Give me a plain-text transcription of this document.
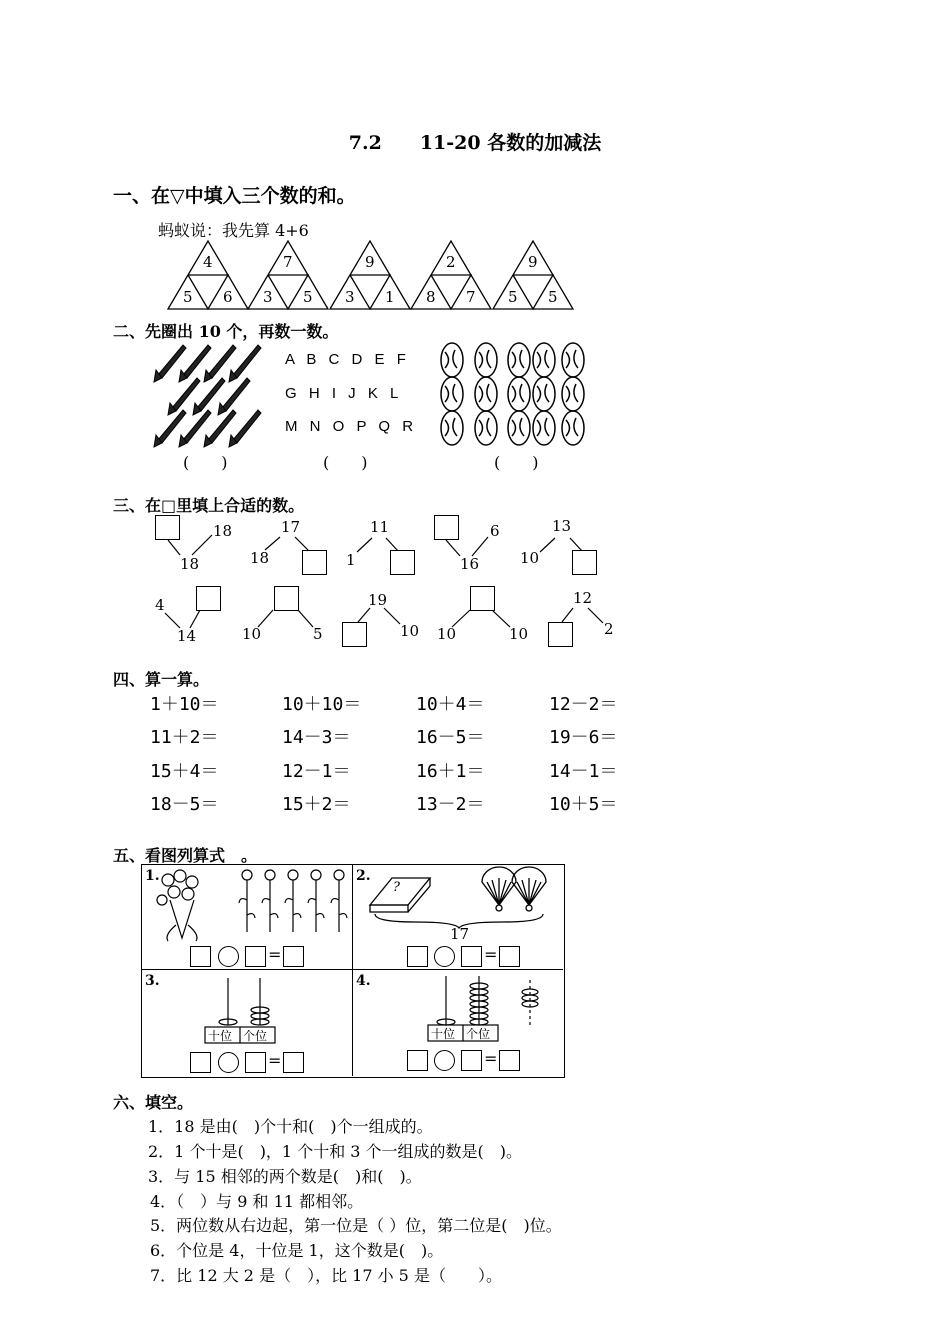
7.2　　11-20 各数的加减法
一、在▽中填入三个数的和。
蚂蚁说：我先算 4+6
4
5 6
7
3 5
9
3 1
2
8 7
9
5 5
二、先圈出 10 个，再数一数。
A B C D E F
G H I J K L
M N O P Q R
(　　)	(　　)	(　　)
三、在□里填上合适的数。
18
18
17
18
11
1
6
16
13
10
4
14	10	5
19
10 10	10
12
2
四、算一算。
1＋10＝	10＋10＝	10＋4＝	12－2＝
11＋2＝	14－3＝	16－5＝	19－6＝
15＋4＝	12－1＝	16＋1＝	14－1＝
18－5＝	15＋2＝	13－2＝	10＋5＝
五、看图列算式　。
1.	2.
3.	4.
?
17
十位 个位	十位 个位
=	=
=	=
六、填空。
1．18 是由(　)个十和(　)个一组成的。
2．1 个十是(　)，1 个十和 3 个一组成的数是(　)。
3．与 15 相邻的两个数是(　)和(　)。
4．（　）与 9 和 11 都相邻。
5．两位数从右边起，第一位是（ ）位，第二位是(　)位。
6．个位是 4，十位是 1，这个数是(　)。
7．比 12 大 2 是（　），比 17 小 5 是（　　）。
